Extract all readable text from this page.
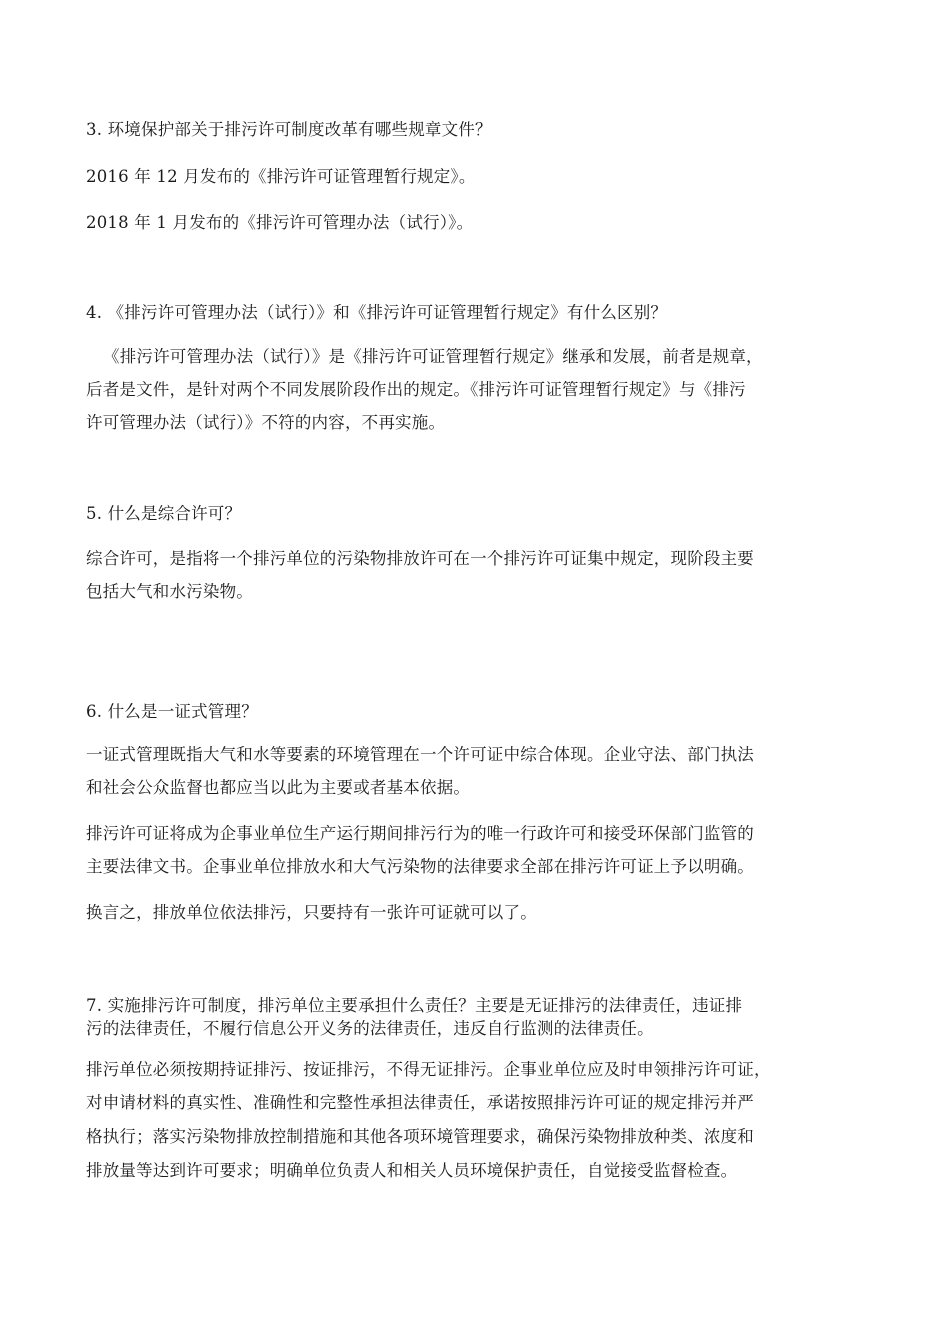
3. 环境保护部关于排污许可制度改革有哪些规章文件？
2016 年 12 月发布的《排污许可证管理暂行规定》。
2018 年 1 月发布的《排污许可管理办法（试行）》。
4. 《排污许可管理办法（试行）》和《排污许可证管理暂行规定》有什么区别？
《排污许可管理办法（试行）》是《排污许可证管理暂行规定》继承和发展，前者是规章，
后者是文件，是针对两个不同发展阶段作出的规定。《排污许可证管理暂行规定》与《排污
许可管理办法（试行）》不符的内容，不再实施。
5. 什么是综合许可？
综合许可，是指将一个排污单位的污染物排放许可在一个排污许可证集中规定，现阶段主要
包括大气和水污染物。
6. 什么是一证式管理？
一证式管理既指大气和水等要素的环境管理在一个许可证中综合体现。企业守法、部门执法
和社会公众监督也都应当以此为主要或者基本依据。
排污许可证将成为企事业单位生产运行期间排污行为的唯一行政许可和接受环保部门监管的
主要法律文书。企事业单位排放水和大气污染物的法律要求全部在排污许可证上予以明确。
换言之，排放单位依法排污，只要持有一张许可证就可以了。
7. 实施排污许可制度，排污单位主要承担什么责任？主要是无证排污的法律责任，违证排
污的法律责任，不履行信息公开义务的法律责任，违反自行监测的法律责任。
排污单位必须按期持证排污、按证排污，不得无证排污。企事业单位应及时申领排污许可证，
对申请材料的真实性、准确性和完整性承担法律责任，承诺按照排污许可证的规定排污并严
格执行；落实污染物排放控制措施和其他各项环境管理要求，确保污染物排放种类、浓度和
排放量等达到许可要求；明确单位负责人和相关人员环境保护责任，自觉接受监督检查。
